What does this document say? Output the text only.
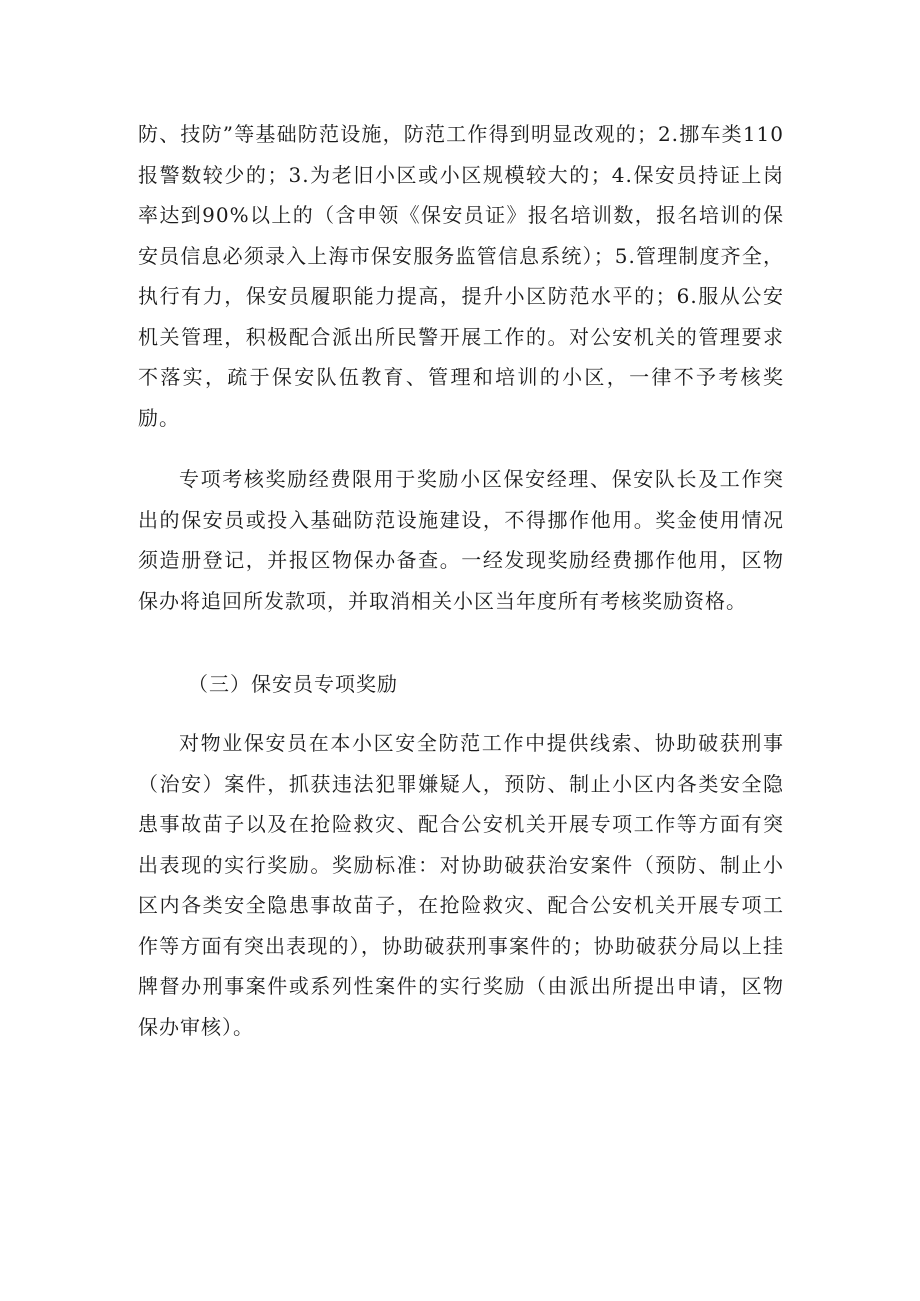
防、技防”等基础防范设施，防范工作得到明显改观的；2.挪车类110报警数较少的；3.为老旧小区或小区规模较大的；4.保安员持证上岗率达到90%以上的（含申领《保安员证》报名培训数，报名培训的保安员信息必须录入上海市保安服务监管信息系统）；5.管理制度齐全，执行有力，保安员履职能力提高，提升小区防范水平的；6.服从公安机关管理，积极配合派出所民警开展工作的。对公安机关的管理要求不落实，疏于保安队伍教育、管理和培训的小区，一律不予考核奖励。

专项考核奖励经费限用于奖励小区保安经理、保安队长及工作突出的保安员或投入基础防范设施建设，不得挪作他用。奖金使用情况须造册登记，并报区物保办备查。一经发现奖励经费挪作他用，区物保办将追回所发款项，并取消相关小区当年度所有考核奖励资格。

（三）保安员专项奖励

对物业保安员在本小区安全防范工作中提供线索、协助破获刑事（治安）案件，抓获违法犯罪嫌疑人，预防、制止小区内各类安全隐患事故苗子以及在抢险救灾、配合公安机关开展专项工作等方面有突出表现的实行奖励。奖励标准：对协助破获治安案件（预防、制止小区内各类安全隐患事故苗子，在抢险救灾、配合公安机关开展专项工作等方面有突出表现的），协助破获刑事案件的；协助破获分局以上挂牌督办刑事案件或系列性案件的实行奖励（由派出所提出申请，区物保办审核）。
